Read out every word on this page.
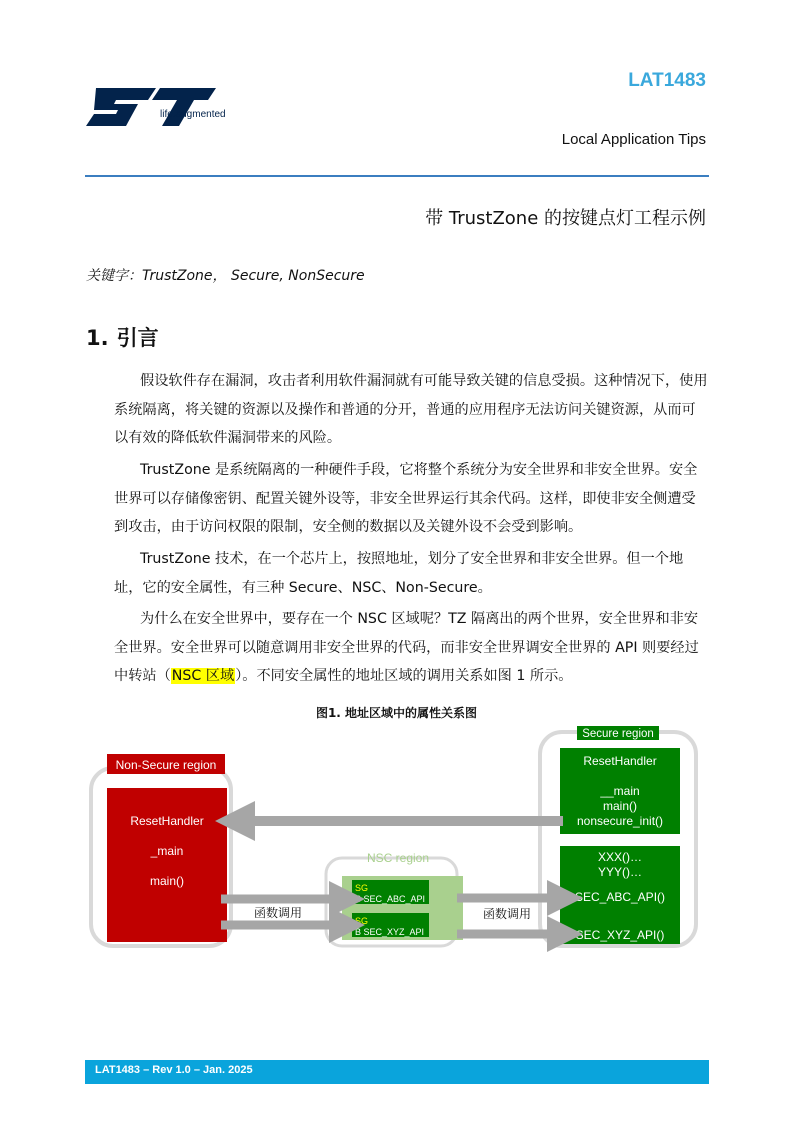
life.augmented
LAT1483
Local Application Tips
带 TrustZone 的按键点灯工程示例
关键字：TrustZone， Secure, NonSecure
1. 引言

假设软件存在漏洞，攻击者利用软件漏洞就有可能导致关键的信息受损。这种情况下，使用系统隔离，将关键的资源以及操作和普通的分开，普通的应用程序无法访问关键资源，从而可以有效的降低软件漏洞带来的风险。

TrustZone 是系统隔离的一种硬件手段，它将整个系统分为安全世界和非安全世界。安全世界可以存储像密钥、配置关键外设等，非安全世界运行其余代码。这样，即使非安全侧遭受到攻击，由于访问权限的限制，安全侧的数据以及关键外设不会受到影响。

TrustZone 技术，在一个芯片上，按照地址，划分了安全世界和非安全世界。但一个地址，它的安全属性，有三种 Secure、NSC、Non-Secure。

为什么在安全世界中，要存在一个 NSC 区域呢？TZ 隔离出的两个世界，安全世界和非安全世界。安全世界可以随意调用非安全世界的代码，而非安全世界调安全世界的 API 则要经过中转站（NSC 区域）。不同安全属性的地址区域的调用关系如图 1 所示。

图1. 地址区域中的属性关系图
Non-Secure region
ResetHandler
_main
main()
NSC region
SG
B SEC_ABC_API
SG
B SEC_XYZ_API
Secure region
ResetHandler
__main
main()
nonsecure_init()
XXX()…
YYY()…
SEC_ABC_API()
SEC_XYZ_API()
函数调用	函数调用
LAT1483 – Rev 1.0 – Jan. 2025
